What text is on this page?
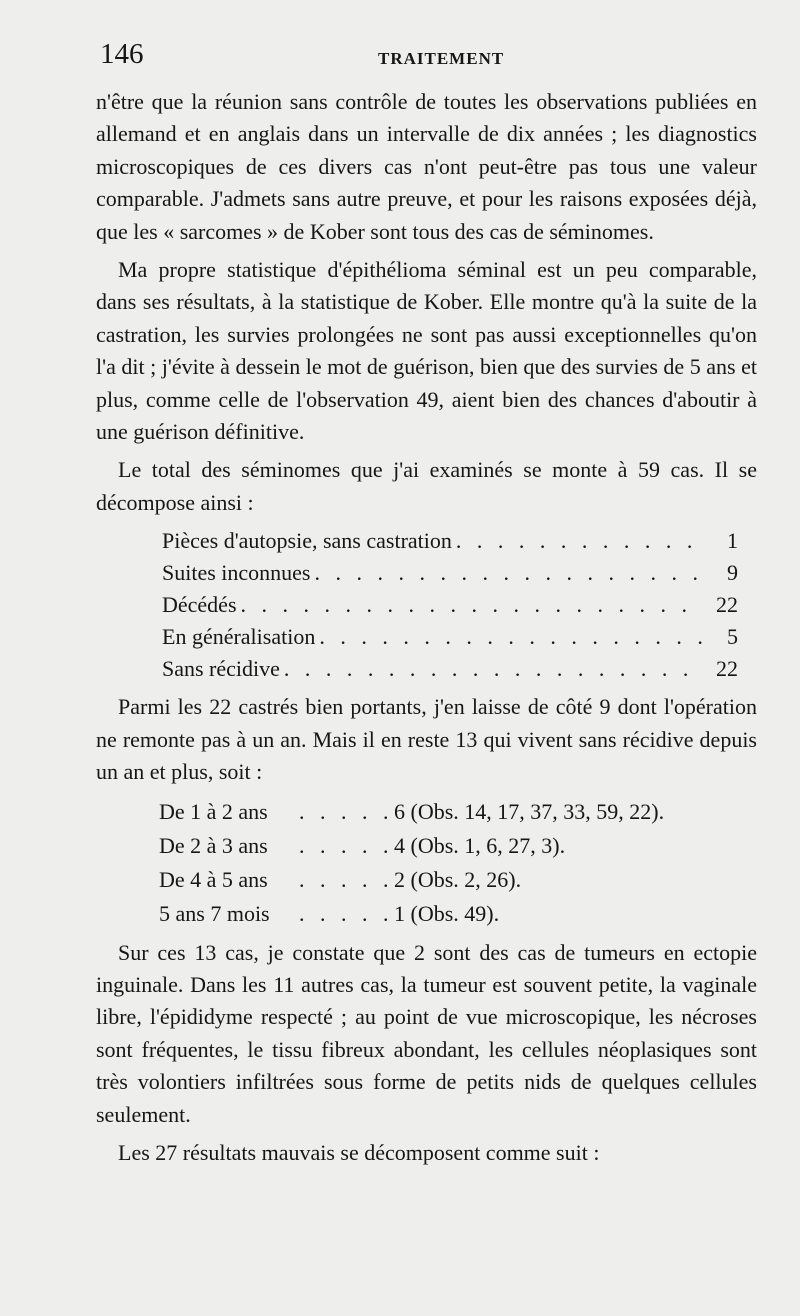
146	TRAITEMENT

n'être que la réunion sans contrôle de toutes les observations publiées en allemand et en anglais dans un intervalle de dix années ; les diagnostics microscopiques de ces divers cas n'ont peut-être pas tous une valeur comparable. J'admets sans autre preuve, et pour les raisons exposées déjà, que les « sarcomes » de Kober sont tous des cas de séminomes.

Ma propre statistique d'épithélioma séminal est un peu comparable, dans ses résultats, à la statistique de Kober. Elle montre qu'à la suite de la castration, les survies prolongées ne sont pas aussi exceptionnelles qu'on l'a dit ; j'évite à dessein le mot de guérison, bien que des survies de 5 ans et plus, comme celle de l'observation 49, aient bien des chances d'aboutir à une guérison définitive.

Le total des séminomes que j'ai examinés se monte à 59 cas. Il se décompose ainsi :

Pièces d'autopsie, sans castration . . .	1
Suites inconnues . . .	9
Décédés . . .	22
En généralisation . . .	5
Sans récidive . . .	22

Parmi les 22 castrés bien portants, j'en laisse de côté 9 dont l'opération ne remonte pas à un an. Mais il en reste 13 qui vivent sans récidive depuis un an et plus, soit :

De 1 à 2 ans . . .	6 (Obs. 14, 17, 37, 33, 59, 22).
De 2 à 3 ans . . .	4 (Obs. 1, 6, 27, 3).
De 4 à 5 ans . . .	2 (Obs. 2, 26).
5 ans 7 mois . . .	1 (Obs. 49).

Sur ces 13 cas, je constate que 2 sont des cas de tumeurs en ectopie inguinale. Dans les 11 autres cas, la tumeur est souvent petite, la vaginale libre, l'épididyme respecté ; au point de vue microscopique, les nécroses sont fréquentes, le tissu fibreux abondant, les cellules néoplasiques sont très volontiers infiltrées sous forme de petits nids de quelques cellules seulement.

Les 27 résultats mauvais se décomposent comme suit :
